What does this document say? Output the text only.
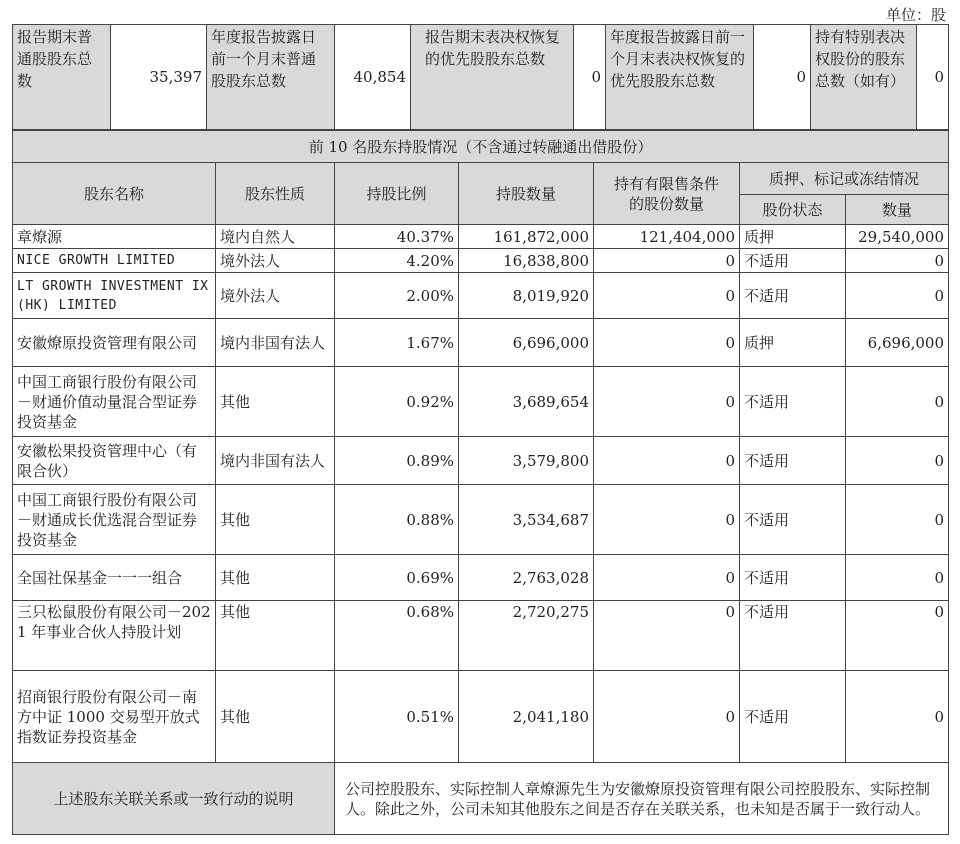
单位：股
报告期末普通股股东总数	35,397	年度报告披露日前一个月末普通股股东总数	40,854	报告期末表决权恢复的优先股股东总数	0	年度报告披露日前一个月末表决权恢复的优先股股东总数	0	持有特别表决权股份的股东总数（如有）	0
前 10 名股东持股情况（不含通过转融通出借股份）						
股东名称	股东性质	持股比例	持股数量	持有有限售条件的股份数量	质押、标记或冻结情况	
					股份状态	数量
章燎源	境内自然人	40.37%	161,872,000	121,404,000	质押	29,540,000
NICE GROWTH LIMITED	境外法人	4.20%	16,838,800	0	不适用	0
LT GROWTH INVESTMENT IX (HK) LIMITED	境外法人	2.00%	8,019,920	0	不适用	0
安徽燎原投资管理有限公司	境内非国有法人	1.67%	6,696,000	0	质押	6,696,000
中国工商银行股份有限公司－财通价值动量混合型证券投资基金	其他	0.92%	3,689,654	0	不适用	0
安徽松果投资管理中心（有限合伙）	境内非国有法人	0.89%	3,579,800	0	不适用	0
中国工商银行股份有限公司－财通成长优选混合型证券投资基金	其他	0.88%	3,534,687	0	不适用	0
全国社保基金一一一组合	其他	0.69%	2,763,028	0	不适用	0
三只松鼠股份有限公司－2021 年事业合伙人持股计划	其他	0.68%	2,720,275	0	不适用	0
招商银行股份有限公司－南方中证 1000 交易型开放式指数证券投资基金	其他	0.51%	2,041,180	0	不适用	0
上述股东关联关系或一致行动的说明		公司控股股东、实际控制人章燎源先生为安徽燎原投资管理有限公司控股股东、实际控制人。除此之外，公司未知其他股东之间是否存在关联关系，也未知是否属于一致行动人。				
